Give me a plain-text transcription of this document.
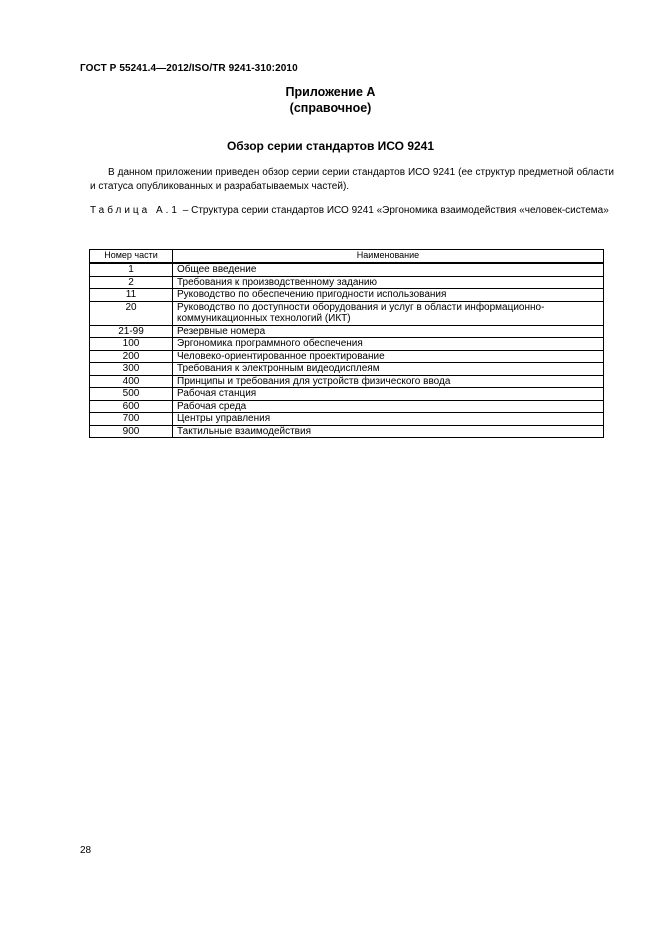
ГОСТ Р 55241.4—2012/ISO/TR 9241-310:2010
Приложение А
(справочное)
Обзор серии стандартов ИСО 9241

В данном приложении приведен обзор серии серии стандартов ИСО 9241 (ее структур предметной области и статуса опубликованных и разрабатываемых частей).

Таблица А.1 – Структура серии стандартов ИСО 9241 «Эргономика взаимодействия «человек-система»

Номер части	Наименование
1	Общее введение
2	Требования к производственному заданию
11	Руководство по обеспечению пригодности использования
20	Руководство по доступности оборудования и услуг в области информационно-коммуникационных технологий (ИКТ)
21-99	Резервные номера
100	Эргономика программного обеспечения
200	Человеко-ориентированное проектирование
300	Требования к электронным видеодисплеям
400	Принципы и требования для устройств физического ввода
500	Рабочая станция
600	Рабочая среда
700	Центры управления
900	Тактильные взаимодействия
28
